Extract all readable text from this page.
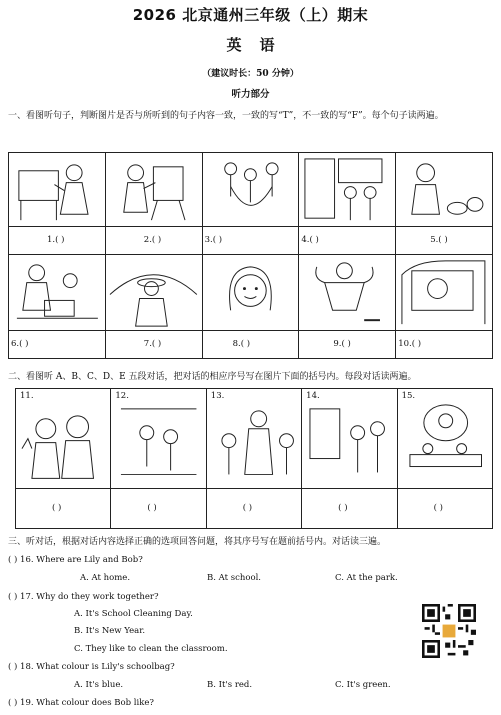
2026 北京通州三年级（上）期末
英语
（建议时长：50 分钟）
听力部分
一、看图听句子，判断图片是否与所听到的句子内容一致，一致的写“T”，不一致的写“F”。每个句子读两遍。

1.( )	2.( )	3.( )	4.( )	5.( )

6.( )	7.( )	8.( )	9.( )	10.( )
二、看图听 A、B、C、D、E 五段对话，把对话的相应序号写在图片下面的括号内。每段对话读两遍。
11.	12.	13.	14.	15.

( )	( )	( )	( )	( )
三、听对话，根据对话内容选择正确的选项回答问题，将其序号写在题前括号内。对话读三遍。
( ) 16. Where are Lily and Bob?
A. At home.	B. At school.	C. At the park.
( ) 17. Why do they work together?
A. It's School Cleaning Day.
B. It's New Year.
C. They like to clean the classroom.
( ) 18. What colour is Lily's schoolbag?
A. It's blue.	B. It's red.	C. It's green.
( ) 19. What colour does Bob like?
